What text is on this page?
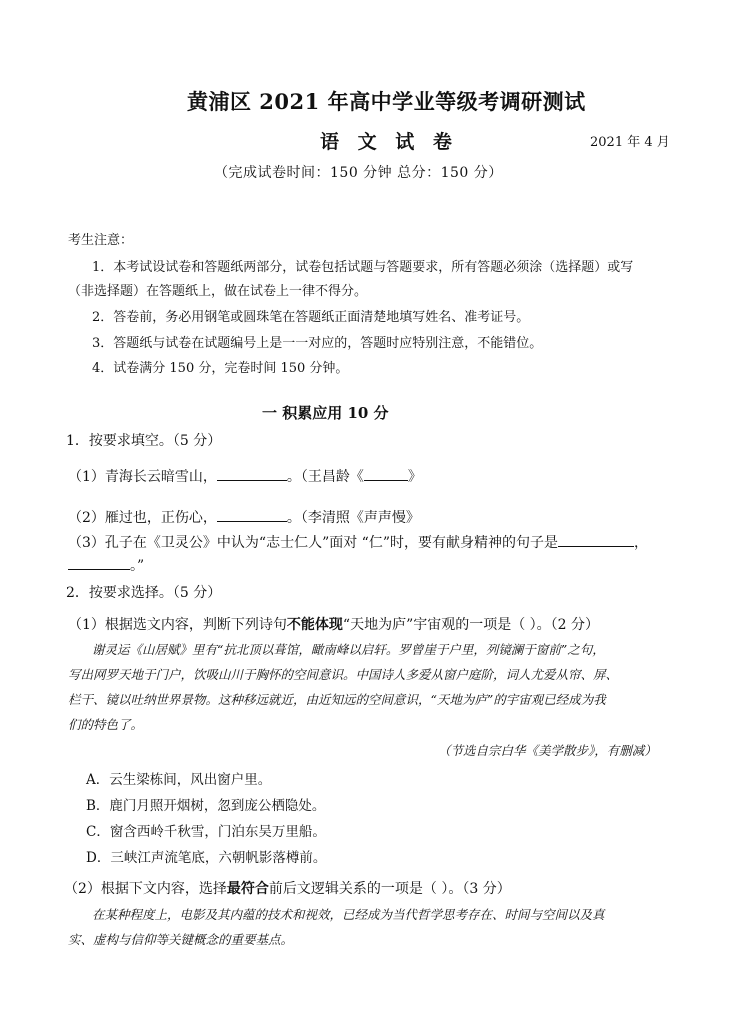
黄浦区 2021 年高中学业等级考调研测试
语 文 试 卷	2021 年 4 月
（完成试卷时间：150 分钟 总分：150 分）
考生注意：
1．本考试设试卷和答题纸两部分，试卷包括试题与答题要求，所有答题必须涂（选择题）或写
（非选择题）在答题纸上，做在试卷上一律不得分。
2．答卷前，务必用钢笔或圆珠笔在答题纸正面清楚地填写姓名、准考证号。
3．答题纸与试卷在试题编号上是一一对应的，答题时应特别注意，不能错位。
4．试卷满分 150 分，完卷时间 150 分钟。
一 积累应用 10 分
1．按要求填空。（5 分）
（1）青海长云暗雪山，	。（王昌龄《	》
（2）雁过也，正伤心，	。（李清照《声声慢》
（3）孔子在《卫灵公》中认为“志士仁人”面对 “仁”时，要有献身精神的句子是	，
。”
2．按要求选择。（5 分）
（1）根据选文内容，判断下列诗句不能体现“天地为庐”宇宙观的一项是（ ）。（2 分）
谢灵运《山居赋》里有“抗北顶以葺馆，瞰南峰以启轩。罗曾崖于户里，列镜澜于窗前”之句，
写出网罗天地于门户，饮吸山川于胸怀的空间意识。中国诗人多爱从窗户庭阶，词人尤爱从帘、屏、
栏干、镜以吐纳世界景物。这种移远就近，由近知远的空间意识，“天地为庐”的宇宙观已经成为我
们的特色了。
（节选自宗白华《美学散步》，有删减）
A．云生梁栋间，风出窗户里。
B．鹿门月照开烟树，忽到庞公栖隐处。
C．窗含西岭千秋雪，门泊东吴万里船。
D．三峡江声流笔底，六朝帆影落樽前。
（2）根据下文内容，选择最符合前后文逻辑关系的一项是（ ）。（3 分）
在某种程度上，电影及其内蕴的技术和视效，已经成为当代哲学思考存在、时间与空间以及真
实、虚构与信仰等关键概念的重要基点。
